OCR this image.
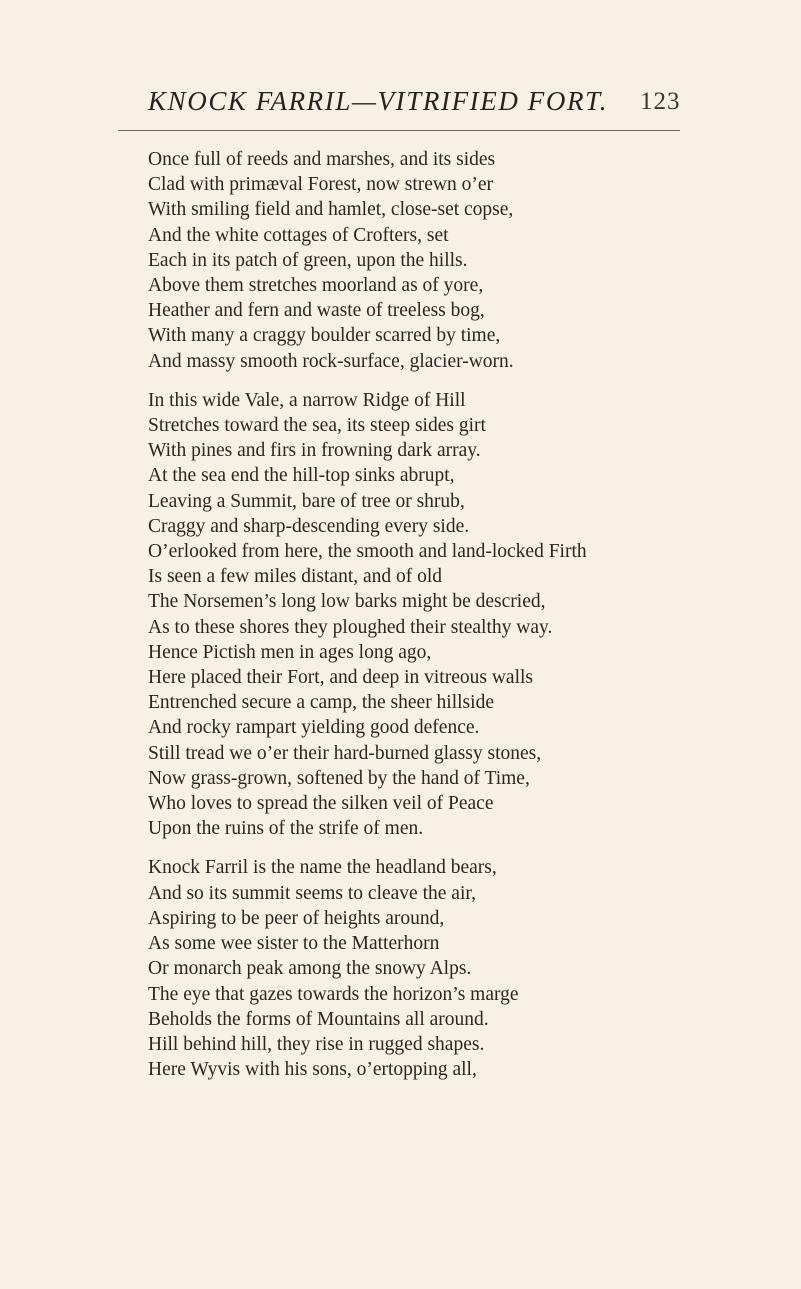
KNOCK FARRIL—VITRIFIED FORT. 123
Once full of reeds and marshes, and its sides
Clad with primæval Forest, now strewn o’er
With smiling field and hamlet, close-set copse,
And the white cottages of Crofters, set
Each in its patch of green, upon the hills.
Above them stretches moorland as of yore,
Heather and fern and waste of treeless bog,
With many a craggy boulder scarred by time,
And massy smooth rock-surface, glacier-worn.
In this wide Vale, a narrow Ridge of Hill
Stretches toward the sea, its steep sides girt
With pines and firs in frowning dark array.
At the sea end the hill-top sinks abrupt,
Leaving a Summit, bare of tree or shrub,
Craggy and sharp-descending every side.
O’erlooked from here, the smooth and land-locked Firth
Is seen a few miles distant, and of old
The Norsemen’s long low barks might be descried,
As to these shores they ploughed their stealthy way.
Hence Pictish men in ages long ago,
Here placed their Fort, and deep in vitreous walls
Entrenched secure a camp, the sheer hillside
And rocky rampart yielding good defence.
Still tread we o’er their hard-burned glassy stones,
Now grass-grown, softened by the hand of Time,
Who loves to spread the silken veil of Peace
Upon the ruins of the strife of men.
Knock Farril is the name the headland bears,
And so its summit seems to cleave the air,
Aspiring to be peer of heights around,
As some wee sister to the Matterhorn
Or monarch peak among the snowy Alps.
The eye that gazes towards the horizon’s marge
Beholds the forms of Mountains all around.
Hill behind hill, they rise in rugged shapes.
Here Wyvis with his sons, o’ertopping all,
